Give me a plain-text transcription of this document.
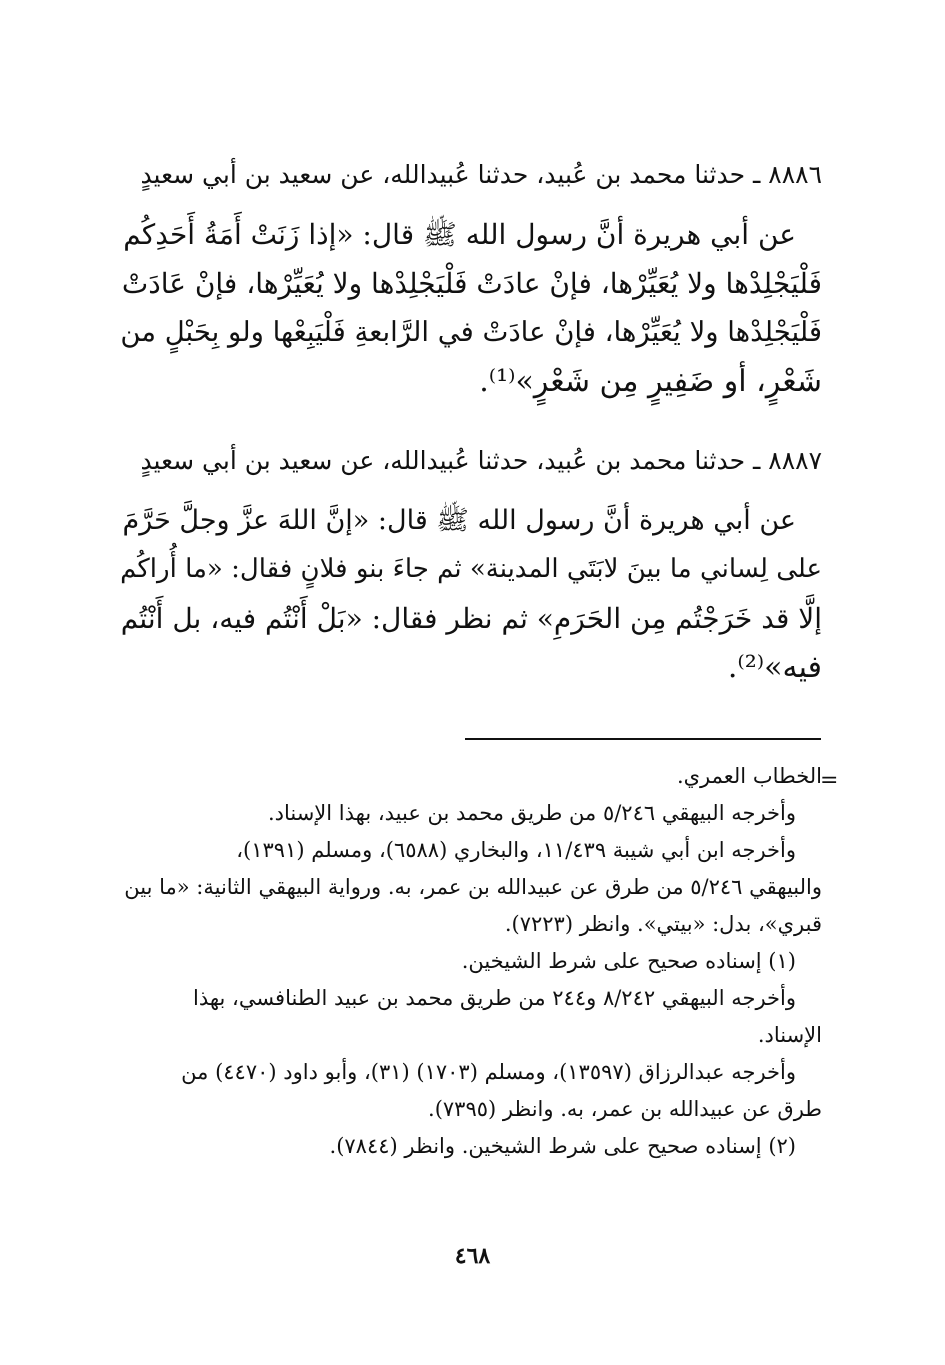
٨٨٨٦ ـ حدثنا محمد بن عُبيد، حدثنا عُبيدالله، عن سعيد بن أبي سعيدٍ
عن أبي هريرة أنَّ رسول الله ﷺ قال: «إذا زَنَتْ أَمَةُ أَحَدِكُم
فَلْيَجْلِدْها ولا يُعَيِّرْها، فإنْ عادَتْ فَلْيَجْلِدْها ولا يُعَيِّرْها، فإنْ عَادَتْ
فَلْيَجْلِدْها ولا يُعَيِّرْها، فإنْ عادَتْ في الرَّابعةِ فَلْيَبِعْها ولو بِحَبْلٍ من
شَعْرٍ، أو ضَفِيرٍ مِن شَعْرٍ»⁽¹⁾.
٨٨٨٧ ـ حدثنا محمد بن عُبيد، حدثنا عُبيدالله، عن سعيد بن أبي سعيدٍ
عن أبي هريرة أنَّ رسول الله ﷺ قال: «إنَّ اللهَ عزَّ وجلَّ حَرَّمَ
على لِساني ما بينَ لابَتَي المدينة» ثم جاءَ بنو فلانٍ فقال: «ما أُراكُم
إلَّا قد خَرَجْتُم مِن الحَرَمِ» ثم نظر فقال: «بَلْ أَنْتُم فيه، بل أَنْتُم
فيه»⁽²⁾.
=
الخطاب العمري.
وأخرجه البيهقي ٥/٢٤٦ من طريق محمد بن عبيد، بهذا الإسناد.
وأخرجه ابن أبي شيبة ١١/٤٣٩، والبخاري (٦٥٨٨)، ومسلم (١٣٩١)،
والبيهقي ٥/٢٤٦ من طرق عن عبيدالله بن عمر، به. ورواية البيهقي الثانية: «ما بين
قبري»، بدل: «بيتي». وانظر (٧٢٢٣).
(١) إسناده صحيح على شرط الشيخين.
وأخرجه البيهقي ٨/٢٤٢ و٢٤٤ من طريق محمد بن عبيد الطنافسي، بهذا
الإسناد.
وأخرجه عبدالرزاق (١٣٥٩٧)، ومسلم (١٧٠٣) (٣١)، وأبو داود (٤٤٧٠) من
طرق عن عبيدالله بن عمر، به. وانظر (٧٣٩٥).
(٢) إسناده صحيح على شرط الشيخين. وانظر (٧٨٤٤).
٤٦٨
